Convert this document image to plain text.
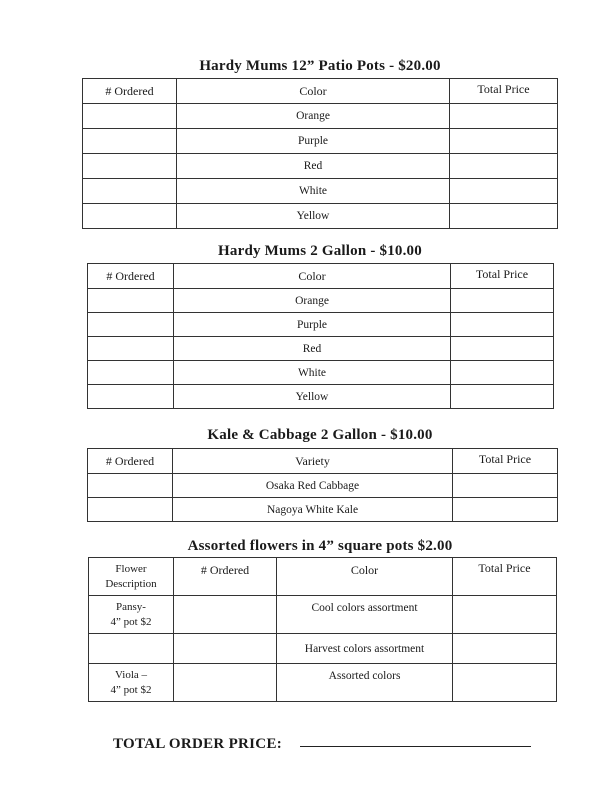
Hardy Mums 12” Patio Pots - $20.00
# Ordered	Color	Total Price
	Orange	
	Purple	
	Red	
	White	
	Yellow	
Hardy Mums 2 Gallon - $10.00
# Ordered	Color	Total Price
	Orange	
	Purple	
	Red	
	White	
	Yellow	
Kale & Cabbage 2 Gallon - $10.00
# Ordered	Variety	Total Price
	Osaka Red Cabbage	
	Nagoya White Kale	
Assorted flowers in 4” square pots $2.00
Flower
Description	# Ordered	Color	Total Price

Pansy-
4” pot $2		Cool colors assortment	

		Harvest colors assortment	

Viola –
4” pot $2		Assorted colors	
TOTAL ORDER PRICE:
